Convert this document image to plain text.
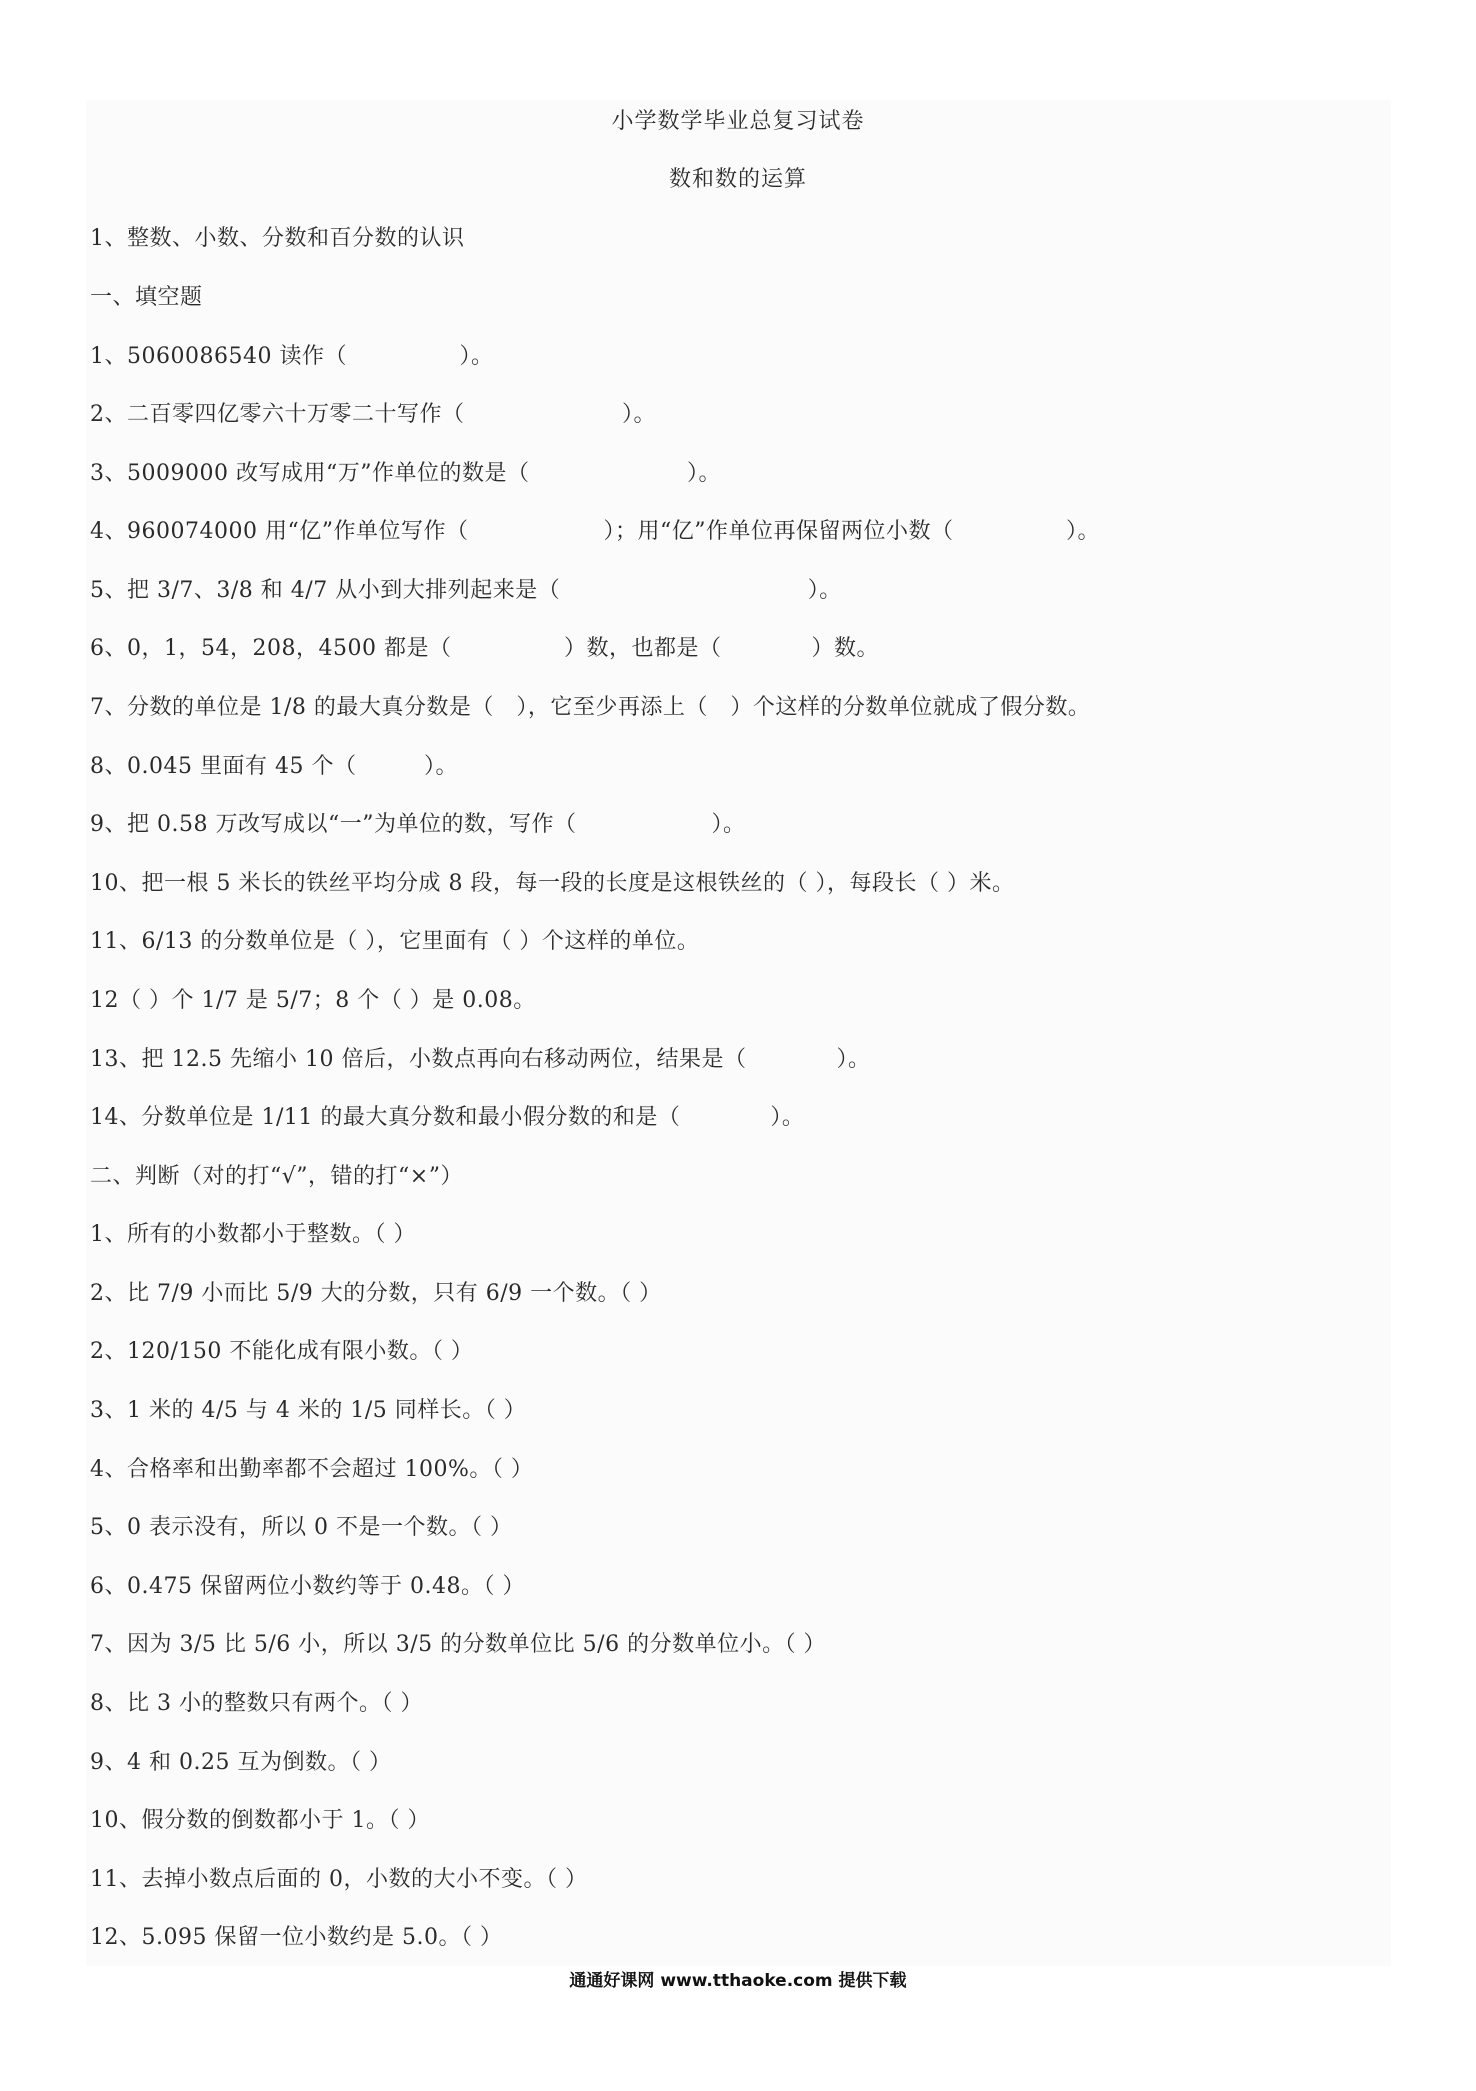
小学数学毕业总复习试卷
数和数的运算
1、整数、小数、分数和百分数的认识
一、填空题
1、5060086540 读作（　　　　　）。
2、二百零四亿零六十万零二十写作（　　　　　　　）。
3、5009000 改写成用“万”作单位的数是（　　　　　　　）。
4、960074000 用“亿”作单位写作（　　　　　　）；用“亿”作单位再保留两位小数（　　　　　）。
5、把 3/7、3/8 和 4/7 从小到大排列起来是（　　　　　　　　　　　）。
6、0，1，54，208，4500 都是（　　　　　）数，也都是（　　　　）数。
7、分数的单位是 1/8 的最大真分数是（　），它至少再添上（　）个这样的分数单位就成了假分数。
8、0.045 里面有 45 个（　　　）。
9、把 0.58 万改写成以“一”为单位的数，写作（　　　　　　）。
10、把一根 5 米长的铁丝平均分成 8 段，每一段的长度是这根铁丝的（ ），每段长（ ）米。
11、6/13 的分数单位是（ ），它里面有（ ）个这样的单位。
12（ ）个 1/7 是 5/7；8 个（ ）是 0.08。
13、把 12.5 先缩小 10 倍后，小数点再向右移动两位，结果是（　　　　）。
14、分数单位是 1/11 的最大真分数和最小假分数的和是（　　　　）。
二、判断（对的打“√”，错的打“×”）
1、所有的小数都小于整数。（ ）
2、比 7/9 小而比 5/9 大的分数，只有 6/9 一个数。（ ）
2、120/150 不能化成有限小数。（ ）
3、1 米的 4/5 与 4 米的 1/5 同样长。（ ）
4、合格率和出勤率都不会超过 100%。（ ）
5、0 表示没有，所以 0 不是一个数。（ ）
6、0.475 保留两位小数约等于 0.48。（ ）
7、因为 3/5 比 5/6 小，所以 3/5 的分数单位比 5/6 的分数单位小。（ ）
8、比 3 小的整数只有两个。（ ）
9、4 和 0.25 互为倒数。（ ）
10、假分数的倒数都小于 1。（ ）
11、去掉小数点后面的 0，小数的大小不变。（ ）
12、5.095 保留一位小数约是 5.0。（ ）
通通好课网 www.tthaoke.com 提供下载
